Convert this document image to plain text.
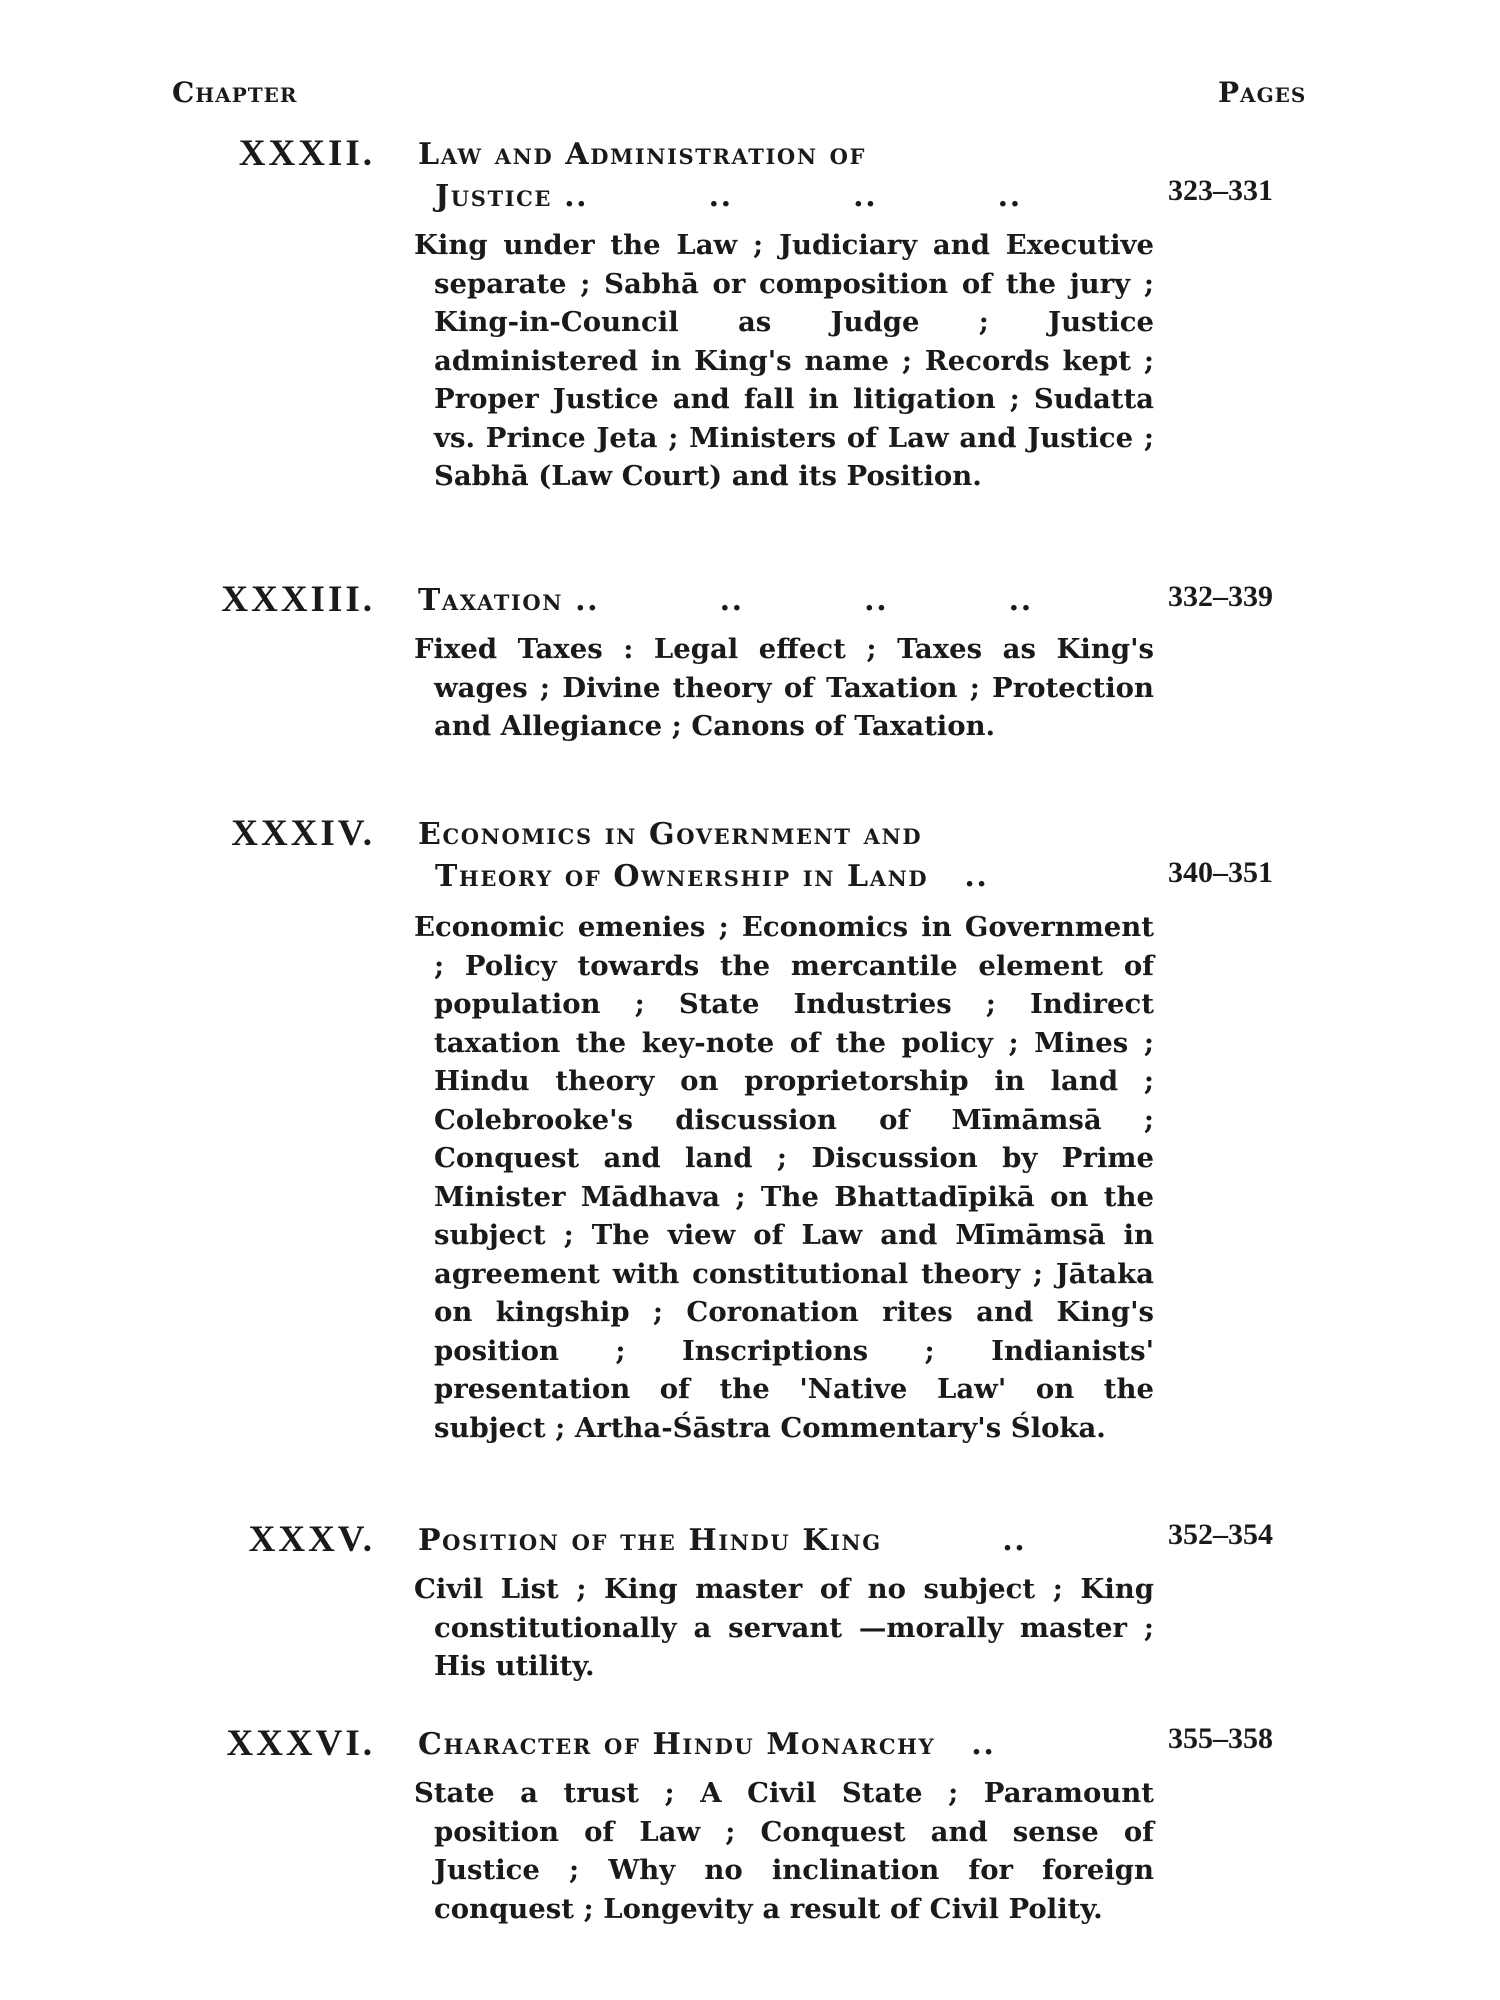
Chapter	Pages
XXXII. Law and Administration of
Justice ..          ..          ..          ..	323–331
King under the Law ; Judiciary and Executive separate ; Sabhā or composition of the jury ; King-in-Council as Judge ; Justice administered in King's name ; Records kept ; Proper Justice and fall in litigation ; Sudatta vs. Prince Jeta ; Ministers of Law and Justice ; Sabhā (Law Court) and its Position.
XXXIII. Taxation ..          ..          ..          ..	332–339
Fixed Taxes : Legal effect ; Taxes as King's wages ; Divine theory of Taxation ; Protection and Allegiance ; Canons of Taxation.
XXXIV. Economics in Government and
Theory of Ownership in Land   ..	340–351
Economic emenies ; Economics in Government ; Policy towards the mercantile element of population ; State Industries ; Indirect taxation the key-note of the policy ; Mines ; Hindu theory on proprietorship in land ; Colebrooke's discussion of Mīmāmsā ; Conquest and land ; Discussion by Prime Minister Mādhava ; The Bhattadīpikā on the subject ; The view of Law and Mīmāmsā in agreement with constitutional theory ; Jātaka on kingship ; Coronation rites and King's position ; Inscriptions ; Indianists' presentation of the 'Native Law' on the subject ; Artha-Śāstra Commentary's Śloka.
XXXV. Position of the Hindu King          ..	352–354
Civil List ; King master of no subject ; King constitutionally a servant —morally master ; His utility.
XXXVI. Character of Hindu Monarchy   ..	355–358
State a trust ; A Civil State ; Paramount position of Law ; Conquest and sense of Justice ; Why no inclination for foreign conquest ; Longevity a result of Civil Polity.
